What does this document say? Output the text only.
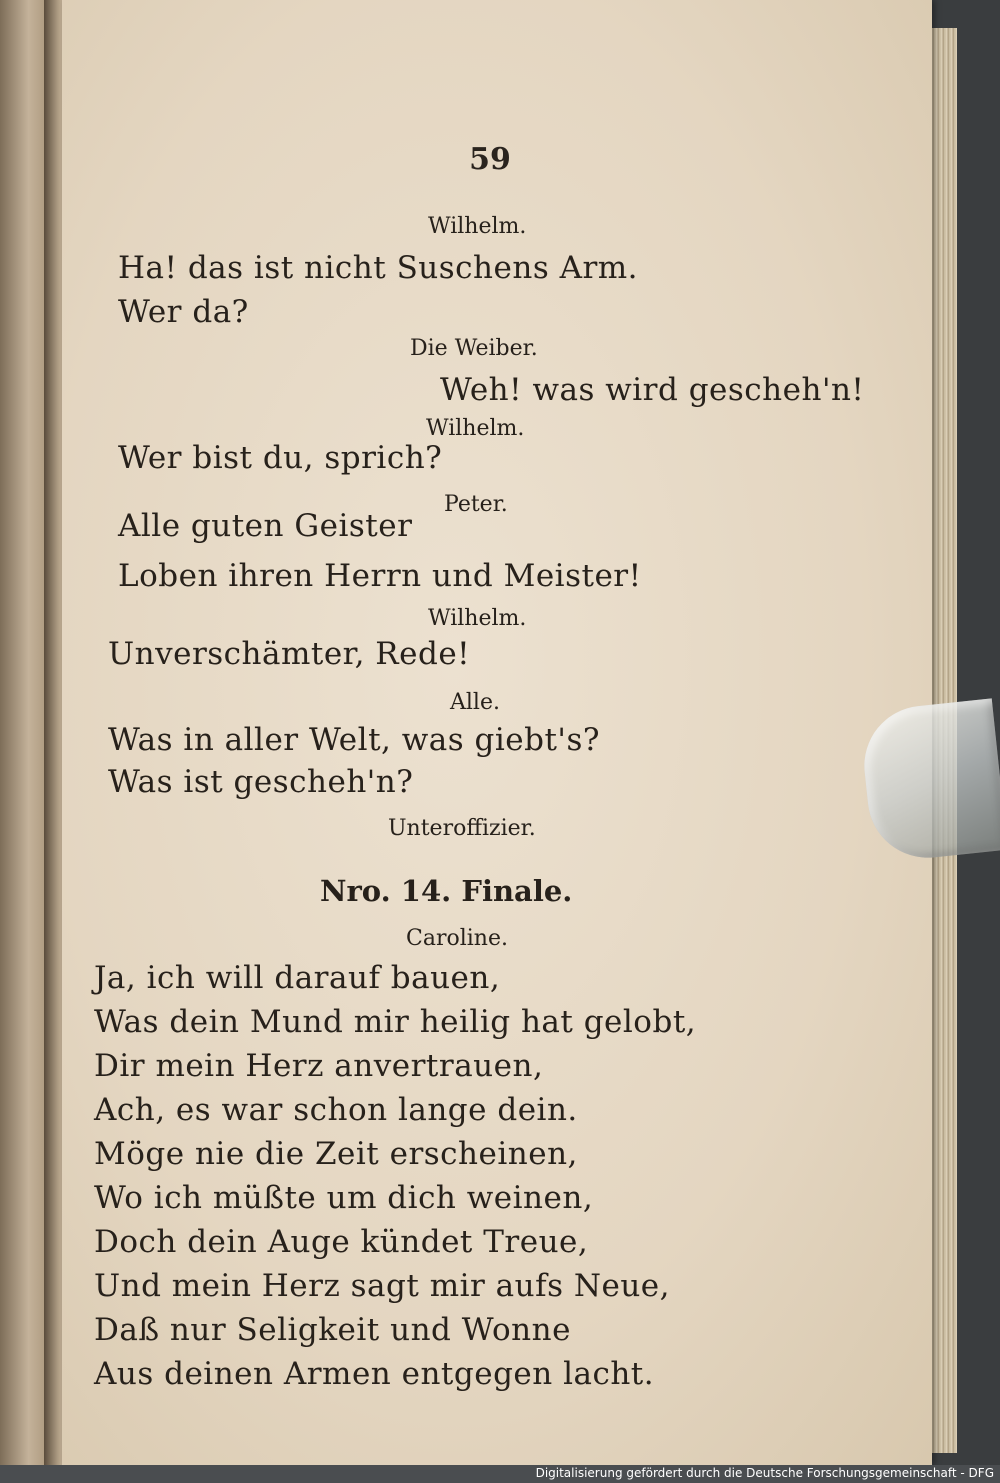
59
Wilhelm.
Ha! das ist nicht Suschens Arm.
Wer da?
Die Weiber.
Weh! was wird gescheh'n!
Wilhelm.
Wer bist du, sprich?
Peter.
Alle guten Geister
Loben ihren Herrn und Meister!
Wilhelm.
Unverschämter, Rede!
Alle.
Was in aller Welt, was giebt's?
Was ist gescheh'n?
Unteroffizier.
Nro. 14. Finale.
Caroline.
Ja, ich will darauf bauen,
Was dein Mund mir heilig hat gelobt,
Dir mein Herz anvertrauen,
Ach, es war schon lange dein.
Möge nie die Zeit erscheinen,
Wo ich müßte um dich weinen,
Doch dein Auge kündet Treue,
Und mein Herz sagt mir aufs Neue,
Daß nur Seligkeit und Wonne
Aus deinen Armen entgegen lacht.
Digitalisierung gefördert durch die Deutsche Forschungsgemeinschaft - DFG
